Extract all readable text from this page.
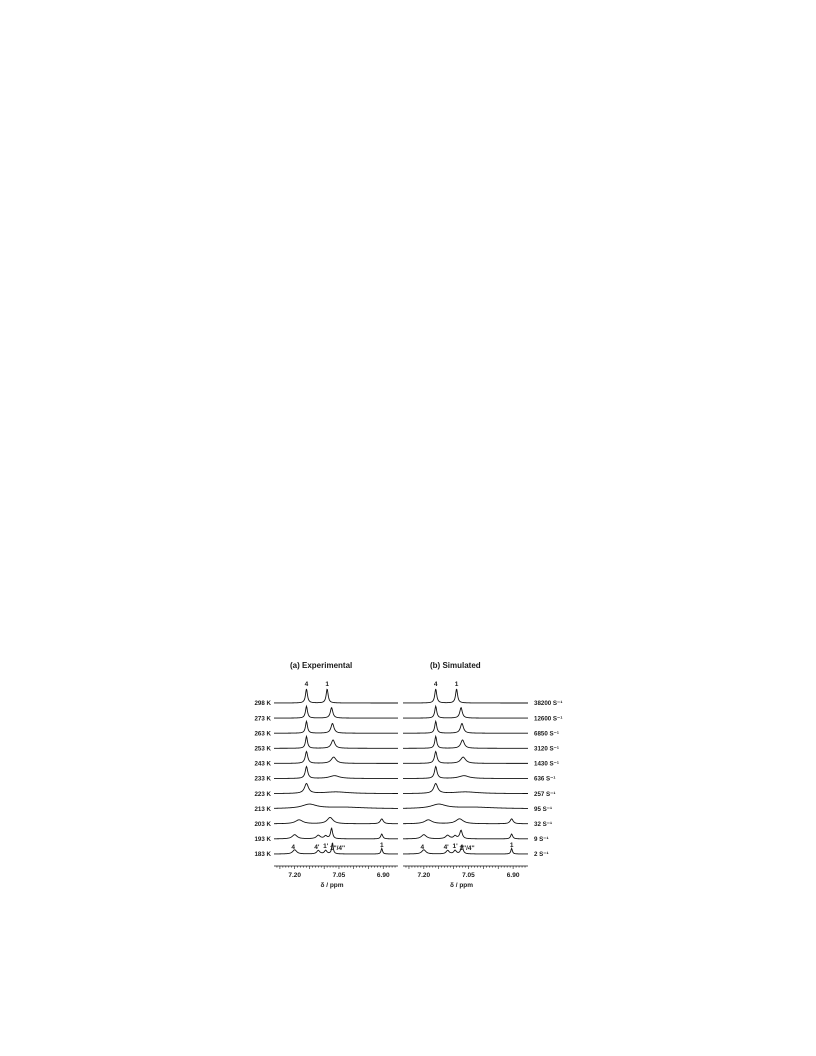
(a) Experimental	(b) Simulated
298 K
273 K
263 K
253 K
243 K
233 K
223 K
213 K
203 K
193 K
183 K
4	1
4	4' 1' 1''/4''	1
7.20	7.05	6.90
δ / ppm
38200 S⁻¹
12600 S⁻¹
6850 S⁻¹
3120 S⁻¹
1430 S⁻¹
636 S⁻¹
257 S⁻¹
95 S⁻¹
32 S⁻¹
9 S⁻¹
2 S⁻¹
4	1
4	4' 1' 1''/4''	1
7.20	7.05	6.90
δ / ppm
